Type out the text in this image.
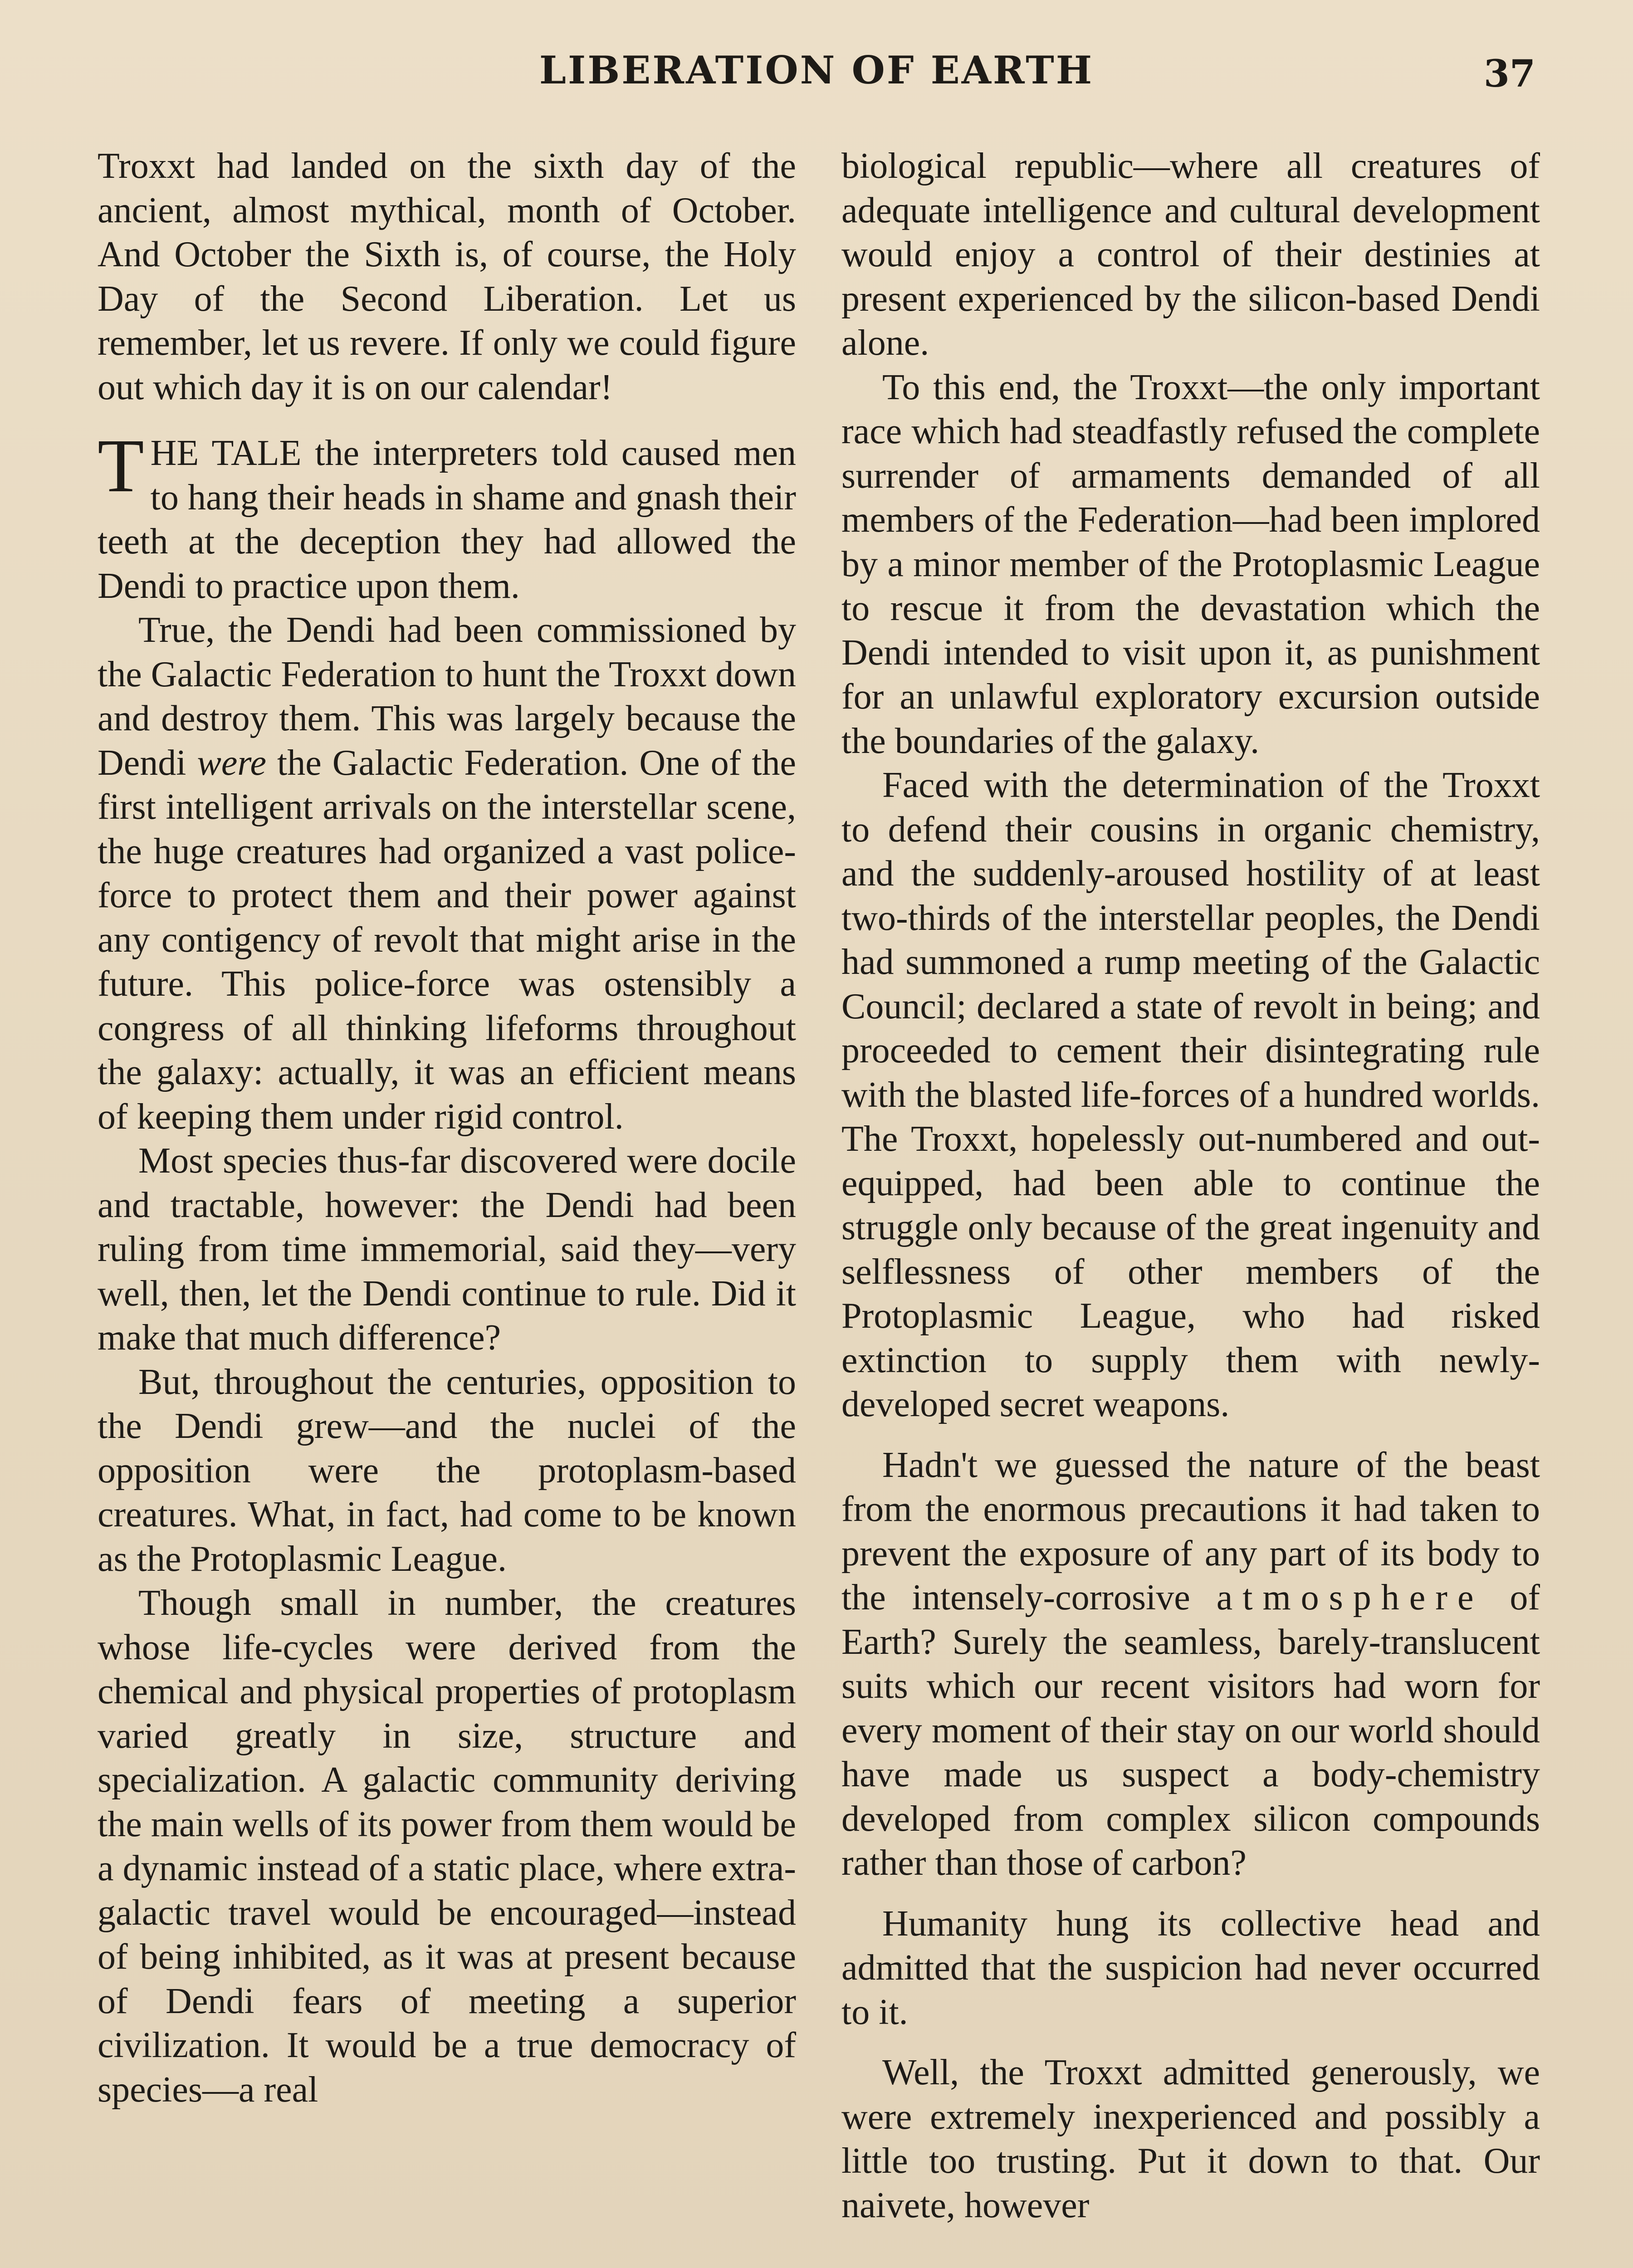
LIBERATION OF EARTH	37

Troxxt had landed on the sixth day of the ancient, almost mythical, month of October. And October the Sixth is, of course, the Holy Day of the Second Liberation. Let us remember, let us revere. If only we could figure out which day it is on our calendar!

THE TALE the interpreters told caused men to hang their heads in shame and gnash their teeth at the deception they had allowed the Dendi to practice upon them.

True, the Dendi had been commissioned by the Galactic Federation to hunt the Troxxt down and destroy them. This was largely because the Dendi were the Galactic Federation. One of the first intelligent arrivals on the interstellar scene, the huge creatures had organized a vast police-force to protect them and their power against any contigency of revolt that might arise in the future. This police-force was ostensibly a congress of all thinking lifeforms throughout the galaxy: actually, it was an efficient means of keeping them under rigid control.

Most species thus-far discovered were docile and tractable, however: the Dendi had been ruling from time immemorial, said they—very well, then, let the Dendi continue to rule. Did it make that much difference?

But, throughout the centuries, opposition to the Dendi grew—and the nuclei of the opposition were the protoplasm-based creatures. What, in fact, had come to be known as the Protoplasmic League.

Though small in number, the creatures whose life-cycles were derived from the chemical and physical properties of protoplasm varied greatly in size, structure and specialization. A galactic community deriving the main wells of its power from them would be a dynamic instead of a static place, where extra-galactic travel would be encouraged—instead of being inhibited, as it was at present because of Dendi fears of meeting a superior civilization. It would be a true democracy of species—a real

biological republic—where all creatures of adequate intelligence and cultural development would enjoy a control of their destinies at present experienced by the silicon-based Dendi alone.

To this end, the Troxxt—the only important race which had steadfastly refused the complete surrender of armaments demanded of all members of the Federation—had been implored by a minor member of the Protoplasmic League to rescue it from the devastation which the Dendi intended to visit upon it, as punishment for an unlawful exploratory excursion outside the boundaries of the galaxy.

Faced with the determination of the Troxxt to defend their cousins in organic chemistry, and the suddenly-aroused hostility of at least two-thirds of the interstellar peoples, the Dendi had summoned a rump meeting of the Galactic Council; declared a state of revolt in being; and proceeded to cement their disintegrating rule with the blasted life-forces of a hundred worlds. The Troxxt, hopelessly out-numbered and out-equipped, had been able to continue the struggle only because of the great ingenuity and selflessness of other members of the Protoplasmic League, who had risked extinction to supply them with newly-developed secret weapons.

Hadn't we guessed the nature of the beast from the enormous precautions it had taken to prevent the exposure of any part of its body to the intensely-corrosive atmosphere of Earth? Surely the seamless, barely-translucent suits which our recent visitors had worn for every moment of their stay on our world should have made us suspect a body-chemistry developed from complex silicon compounds rather than those of carbon?

Humanity hung its collective head and admitted that the suspicion had never occurred to it.

Well, the Troxxt admitted generously, we were extremely inexperienced and possibly a little too trusting. Put it down to that. Our naivete, however
